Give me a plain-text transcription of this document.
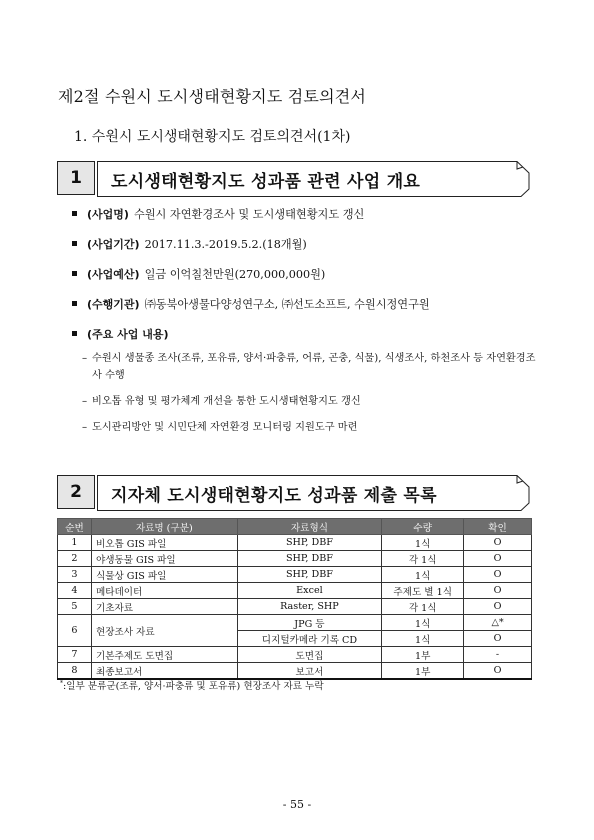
제2절 수원시 도시생태현황지도 검토의견서
1. 수원시 도시생태현황지도 검토의견서(1차)
1	도시생태현황지도 성과품 관련 사업 개요
(사업명) 수원시 자연환경조사 및 도시생태현황지도 갱신
(사업기간) 2017.11.3.-2019.5.2.(18개월)
(사업예산) 일금 이억칠천만원(270,000,000원)
(수행기관) ㈜동북아생물다양성연구소, ㈜선도소프트, 수원시정연구원
(주요 사업 내용)
– 수원시 생물종 조사(조류, 포유류, 양서·파충류, 어류, 곤충, 식물), 식생조사, 하천조사 등 자연환경조사 수행
– 비오톱 유형 및 평가체계 개선을 통한 도시생태현황지도 갱신
– 도시관리방안 및 시민단체 자연환경 모니터링 지원도구 마련
2	지자체 도시생태현황지도 성과품 제출 목록
순번	자료명 (구분)	자료형식	수량	확인
1	비오톱 GIS 파일	SHP, DBF	1식	O
2	야생동물 GIS 파일	SHP, DBF	각 1식	O
3	식물상 GIS 파일	SHP, DBF	1식	O
4	메타데이터	Excel	주제도 별 1식	O
5	기초자료	Raster, SHP	각 1식	O
6	현장조사 자료	JPG 등	1식	△*
		디지털카메라 기록 CD	1식	O
7	기본주제도 도면집	도면집	1부	-
8	최종보고서	보고서	1부	O
*:일부 분류군(조류, 양서·파충류 및 포유류) 현장조사 자료 누락
- 55 -
